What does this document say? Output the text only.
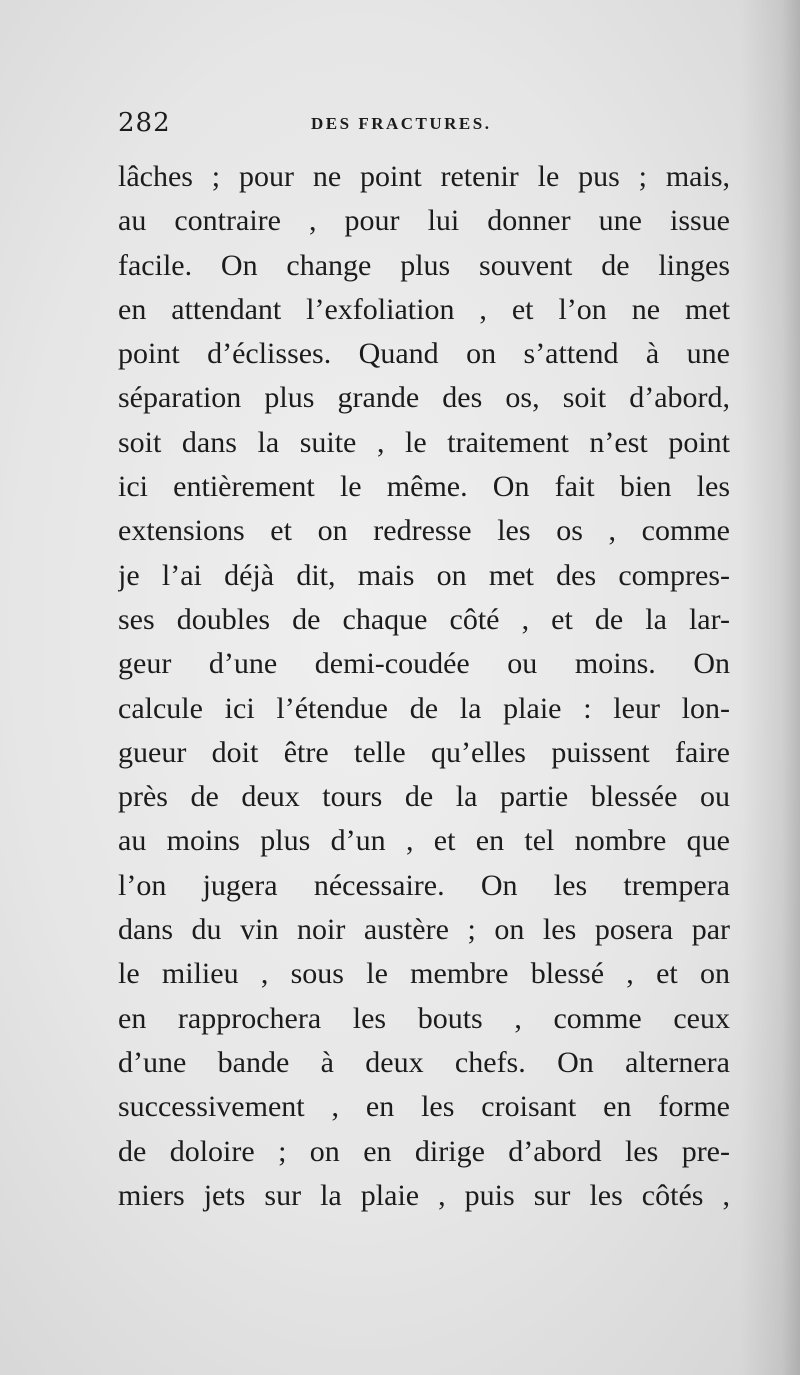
282	DES FRACTURES.
lâches ; pour ne point retenir le pus ; mais,
au contraire , pour lui donner une issue
facile. On change plus souvent de linges
en attendant l’exfoliation , et l’on ne met
point d’éclisses. Quand on s’attend à une
séparation plus grande des os, soit d’abord,
soit dans la suite , le traitement n’est point
ici entièrement le même. On fait bien les
extensions et on redresse les os , comme
je l’ai déjà dit, mais on met des compres-
ses doubles de chaque côté , et de la lar-
geur d’une demi-coudée ou moins. On
calcule ici l’étendue de la plaie : leur lon-
gueur doit être telle qu’elles puissent faire
près de deux tours de la partie blessée ou
au moins plus d’un , et en tel nombre que
l’on jugera nécessaire. On les trempera
dans du vin noir austère ; on les posera par
le milieu , sous le membre blessé , et on
en rapprochera les bouts , comme ceux
d’une bande à deux chefs. On alternera
successivement , en les croisant en forme
de doloire ; on en dirige d’abord les pre-
miers jets sur la plaie , puis sur les côtés ,
